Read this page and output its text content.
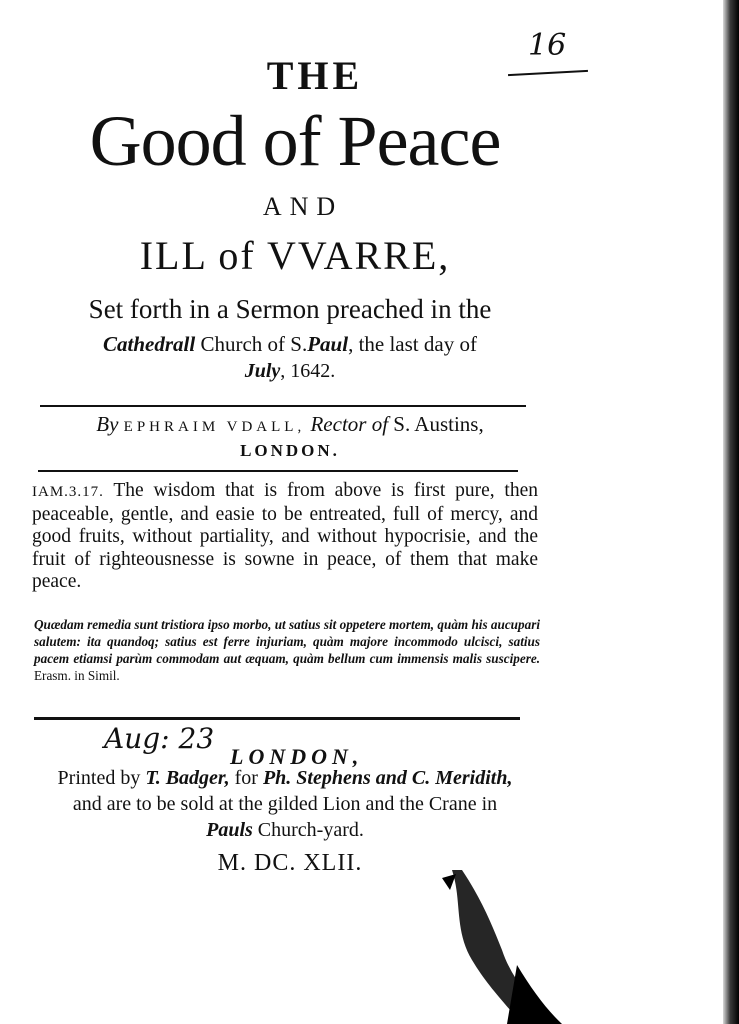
16
THE
Good of Peace
AND
ILL of VVARRE,
Set forth in a Sermon preached in the
Cathedrall Church of S.Paul, the last day of
July, 1642.
By EPHRAIM VDALL, Rector of S. Austins,
LONDON.
IAM.3.17. The wisdom that is from above is first pure, then peaceable, gentle, and easie to be entreated, full of mercy, and good fruits, without partiality, and without hypocrisie, and the fruit of righteousnesse is sowne in peace, of them that make peace.
Quædam remedia sunt tristiora ipso morbo, ut satius sit oppetere mortem, quàm his aucupari salutem: ita quandoq; satius est ferre injuriam, quàm majore incommodo ulcisci, satius pacem etiamsi parùm commodam aut æquam, quàm bellum cum immensis malis suscipere. Erasm. in Simil.
Aug: 23
LONDON,
Printed by T. Badger, for Ph. Stephens and C. Meridith,
and are to be sold at the gilded Lion and the Crane in
Pauls Church-yard.
M. DC. XLII.
